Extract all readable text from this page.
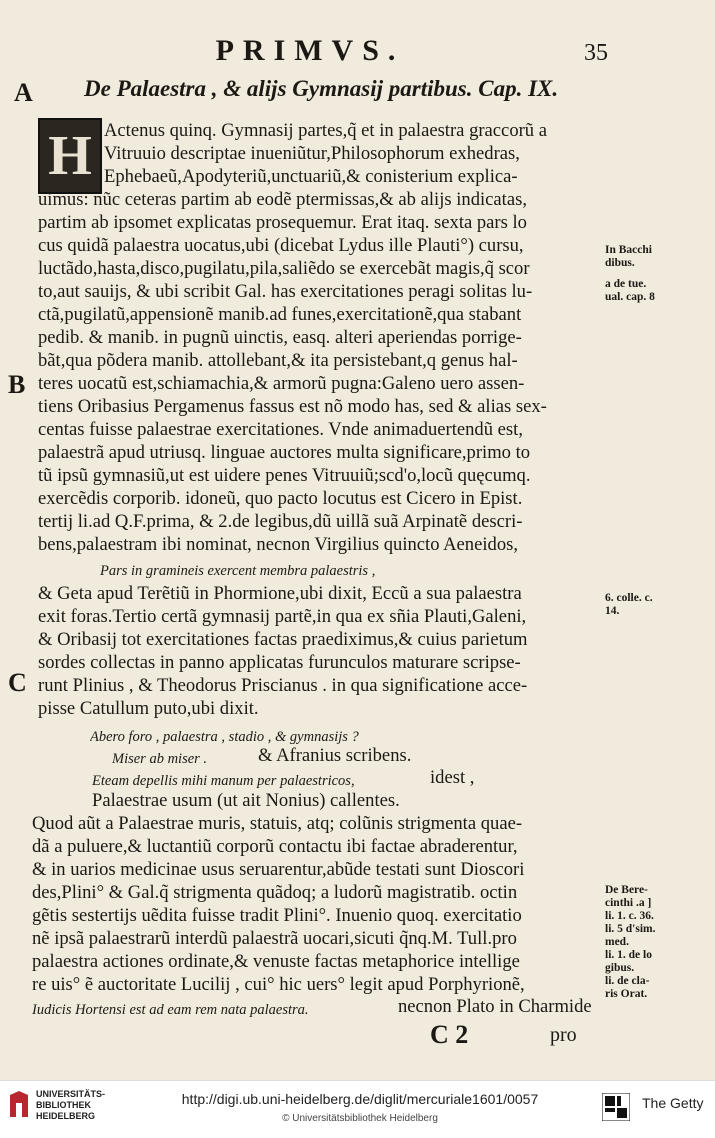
PRIMVS.	35
A
B
C
De Palaestra , & alijs Gymnasij partibus. Cap. IX.
H Actenus quinq. Gymnasij partes,q̃ et in palaestra graccorũ a
Vitruuio descriptae inueniũtur,Philosophorum exhedras,
Ephebaeũ,Apodyteriũ,unctuariũ,& conisterium explica-
uimus: nũc ceteras partim ab eodẽ ptermissas,& ab alijs indicatas,
partim ab ipsomet explicatas prosequemur. Erat itaq. sexta pars lo
cus quidã palaestra uocatus,ubi (dicebat Lydus ille Plauti°) cursu,
luctãdo,hasta,disco,pugilatu,pila,saliẽdo se exercebãt magis,q̃ scor
to,aut sauijs, & ubi scribit Gal. has exercitationes peragi solitas lu-
ctã,pugilatũ,appensionẽ manib.ad funes,exercitationẽ,qua stabant
pedib. & manib. in pugnũ uinctis, easq. alteri aperiendas porrige-
bãt,qua põdera manib. attollebant,& ita persistebant,q genus hal-
teres uocatũ est,schiamachia,& armorũ pugna:Galeno uero assen-
tiens Oribasius Pergamenus fassus est nõ modo has, sed & alias sex-
centas fuisse palaestrae exercitationes. Vnde animaduertendũ est,
palaestrã apud utriusq. linguae auctores multa significare,primo to
tũ ipsũ gymnasiũ,ut est uidere penes Vitruuiũ;scd'o,locũ quęcumq.
exercẽdis corporib. idoneũ, quo pacto locutus est Cicero in Epist.
tertij li.ad Q.F.prima, & 2.de legibus,dũ uillã suã Arpinatẽ descri-
bens,palaestram ibi nominat, necnon Virgilius quincto Aeneidos,
Pars in gramineis exercent membra palaestris ,
& Geta apud Terẽtiũ in Phormione,ubi dixit, Eccũ a sua palaestra
exit foras.Tertio certã gymnasij partẽ,in qua ex sñia Plauti,Galeni,
& Oribasij tot exercitationes factas praediximus,& cuius parietum
sordes collectas in panno applicatas furunculos maturare scripse-
runt Plinius , & Theodorus Priscianus . in qua significatione acce-
pisse Catullum puto,ubi dixit.
Abero foro , palaestra , stadio , & gymnasijs ?
Miser ab miser .	& Afranius scribens.
Eteam depellis mihi manum per palaestricos,	idest ,
Palaestrae usum (ut ait Nonius) callentes.
Quod aũt a Palaestrae muris, statuis, atq; colũnis strigmenta quae-
dã a puluere,& luctantiũ corporũ contactu ibi factae abraderentur,
& in uarios medicinae usus seruarentur,abũde testati sunt Dioscori
des,Plini° & Gal.q̃ strigmenta quãdoq; a ludorũ magistratib. octin
gẽtis sestertijs uẽdita fuisse tradit Plini°. Inuenio quoq. exercitatio
nẽ ipsã palaestrarũ interdũ palaestrã uocari,sicuti q̃nq.M. Tull.pro
palaestra actiones ordinate,& venuste factas metaphorice intellige
re uis° ẽ auctoritate Lucilij , cui° hic uers° legit apud Porphyrionẽ,
Iudicis Hortensi est ad eam rem nata palaestra.	necnon Plato in Charmide
C 2	pro
In Bacchi
dibus.
a de tue.
ual. cap. 8
6. colle. c.
14.
De Bere-
cinthi .a ]
li. 1. c. 36.
li. 5 d'sim.
med.
li. 1. de lo
gibus.
li. de cla-
ris Orat.
UNIVERSITÄTS-
BIBLIOTHEK
HEIDELBERG
http://digi.ub.uni-heidelberg.de/diglit/mercuriale1601/0057
© Universitätsbibliothek Heidelberg
The Getty
